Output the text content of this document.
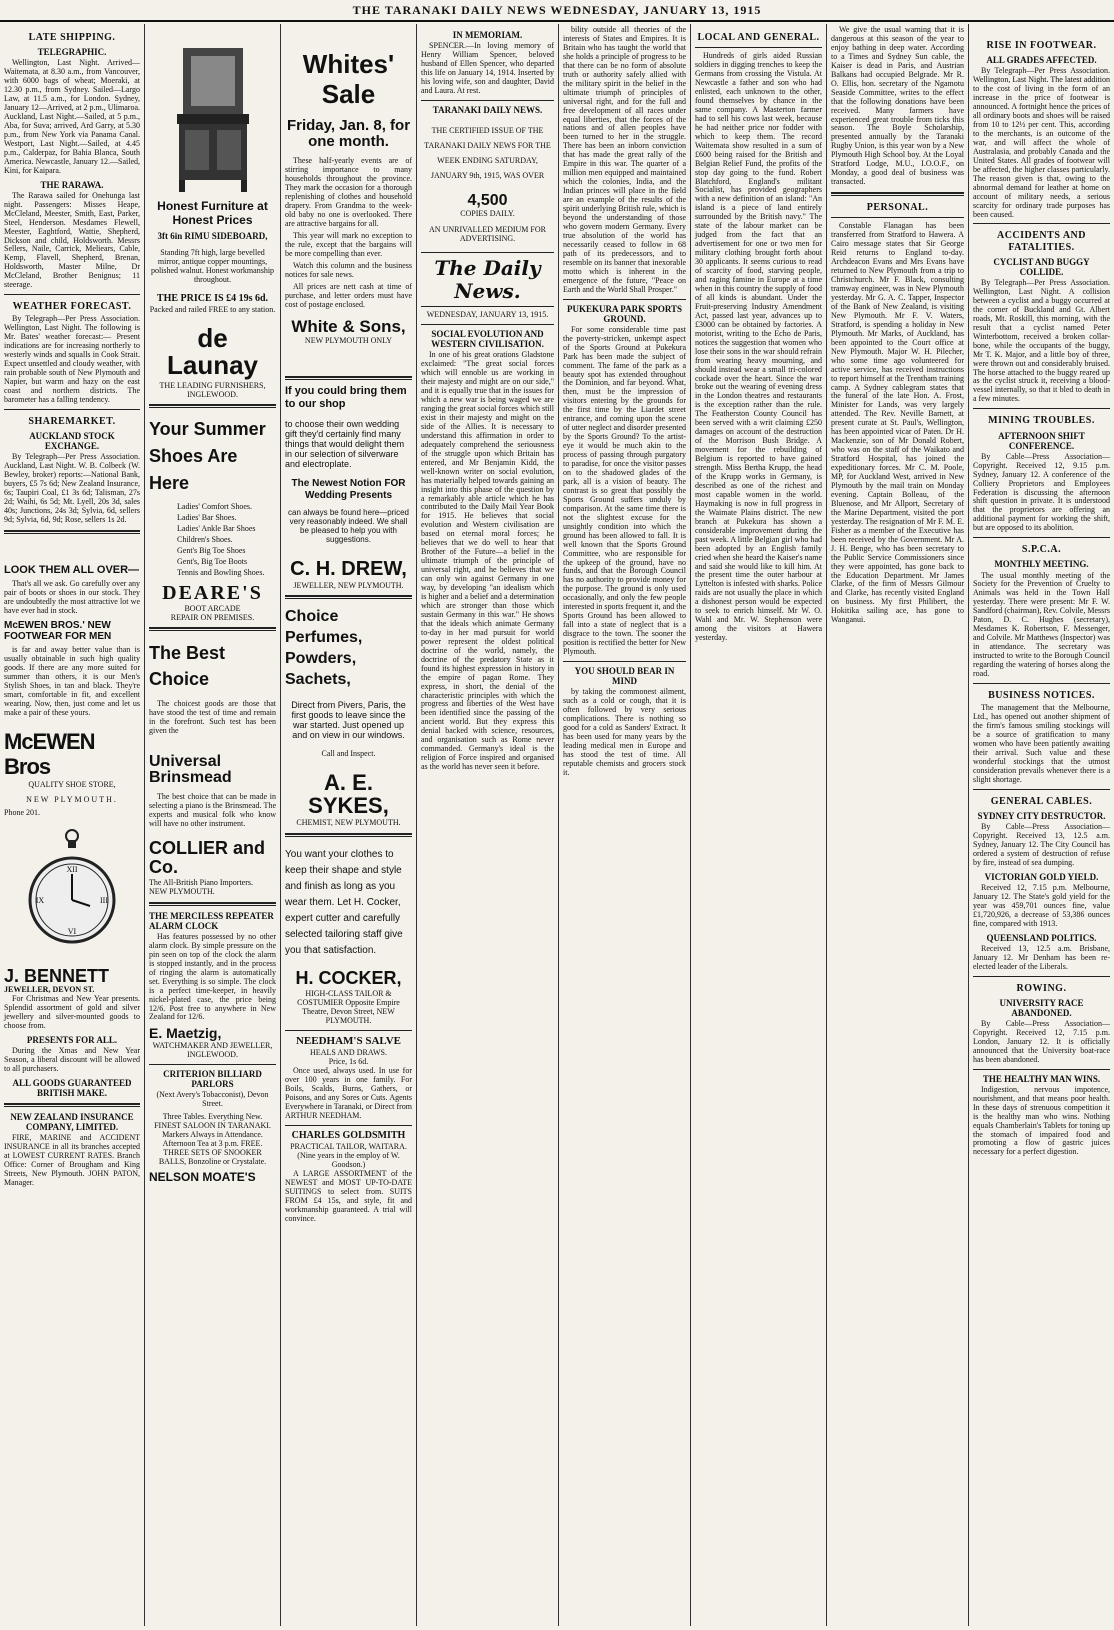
THE TARANAKI DAILY NEWS WEDNESDAY, JANUARY 13, 1915
LATE SHIPPING.
TELEGRAPHIC.

Wellington, Last Night. Arrived—Waitemata, at 8.30 a.m., from Vancouver, with 6000 bags of wheat; Moeraki, at 12.30 p.m., from Sydney. Sailed—Largo Law, at 11.5 a.m., for London. Sydney, January 12—Arrived, at 2 p.m., Ulimaroa. Auckland, Last Night.—Sailed, at 5 p.m., Aba, for Suva; arrived, Ard Garry, at 5.30 p.m., from New York via Panama Canal. Westport, Last Night.—Sailed, at 4.45 p.m., Calderpaz, for Bahia Blanca, South America. Newcastle, January 12.—Sailed, Kini, for Kaipara.

THE RARAWA.

The Rarawa sailed for Onehunga last night. Passengers: Misses Heape, McCleland, Meester, Smith, East, Parker, Steel, Henderson. Mesdames Flewell, Meester, Eaghtford, Wattie, Shepherd, Dickson and child, Holdsworth. Messrs Sellers, Naile, Carrick, Meliears, Cable, Kemp, Flavell, Shepherd, Brenan, Holdsworth, Master Milne, Dr McCleland, Brother Benignus; 11 steerage.

WEATHER FORECAST.

By Telegraph—Per Press Association. Wellington, Last Night. The following is Mr. Bates' weather forecast:— Present indications are for increasing northerly to westerly winds and squalls in Cook Strait. Expect unsettled and cloudy weather, with rain probable south of New Plymouth and Napier, but warm and hazy on the east coast and northern districts. The barometer has a falling tendency.

SHAREMARKET.
AUCKLAND STOCK EXCHANGE.

By Telegraph—Per Press Association. Auckland, Last Night. W. B. Colbeck (W. Bewley, broker) reports:—National Bank, buyers, £5 7s 6d; New Zealand Insurance, 6s; Taupiri Coal, £1 3s 6d; Talisman, 27s 2d; Waihi, 6s 5d; Mt. Lyell, 20s 3d, sales 40s; Junctions, 24s 3d; Sylvia, 6d, sellers 9d; Sylvia, 6d, 9d; Rose, sellers 1s 2d.

LOOK THEM ALL OVER—

That's all we ask. Go carefully over any pair of boots or shoes in our stock. They are undoubtedly the most attractive lot we have ever had in stock.

McEWEN BROS.' NEW FOOTWEAR FOR MEN

is far and away better value than is usually obtainable in such high quality goods. If there are any more suited for summer than others, it is our Men's Stylish Shoes, in tan and black. They're smart, comfortable in fit, and excellent wearing. Now, then, just come and let us make a pair of these yours.

McEWEN Bros
QUALITY SHOE STORE,
NEW PLYMOUTH.
Phone 201.
XII
III
VI
IX
J. BENNETT
JEWELLER, DEVON ST.

For Christmas and New Year presents. Splendid assortment of gold and silver jewellery and silver-mounted goods to choose from.

PRESENTS FOR ALL.

During the Xmas and New Year Season, a liberal discount will be allowed to all purchasers.

ALL GOODS GUARANTEED BRITISH MAKE.
NEW ZEALAND INSURANCE COMPANY, LIMITED.

FIRE, MARINE and ACCIDENT INSURANCE in all its branches accepted at LOWEST CURRENT RATES. Branch Office: Corner of Brougham and King Streets, New Plymouth. JOHN PATON, Manager.

Honest Furniture at Honest Prices
3ft 6in RIMU SIDEBOARD,

Standing 7ft high, large bevelled mirror, antique copper mountings, polished walnut. Honest workmanship throughout.

THE PRICE IS £4 19s 6d.
Packed and railed FREE to any station.
de Launay
THE LEADING FURNISHERS,
INGLEWOOD.
Your Summer Shoes Are Here
Ladies' Comfort Shoes.
Ladies' Bar Shoes.
Ladies' Ankle Bar Shoes
Children's Shoes.
Gent's Big Toe Shoes
Gent's, Big Toe Boots
Tennis and Bowling Shoes.
DEARE'S
BOOT ARCADE
REPAIR ON PREMISES.
The Best Choice

The choicest goods are those that have stood the test of time and remain in the forefront. Such test has been given the

Universal Brinsmead

The best choice that can be made in selecting a piano is the Brinsmead. The experts and musical folk who know will have no other instrument.

COLLIER and Co.
The All-British Piano Importers.
NEW PLYMOUTH.
THE MERCILESS REPEATER ALARM CLOCK

Has features possessed by no other alarm clock. By simple pressure on the pin seen on top of the clock the alarm is stopped instantly, and in the process of ringing the alarm is automatically set. Everything is so simple. The clock is a perfect time-keeper, in heavily nickel-plated case, the price being 12/6. Post free to anywhere in New Zealand for 12/6.

E. Maetzig,
WATCHMAKER AND JEWELLER, INGLEWOOD.
CRITERION BILLIARD PARLORS
(Next Avery's Tobacconist), Devon Street.
Three Tables. Everything New.
FINEST SALOON IN TARANAKI.
Markers Always in Attendance.
Afternoon Tea at 3 p.m. FREE.
THREE SETS OF SNOOKER BALLS, Bonzoline or Crystalate.
NELSON MOATE'S
Whites' Sale
Friday, Jan. 8, for one month.

These half-yearly events are of stirring importance to many households throughout the province. They mark the occasion for a thorough replenishing of clothes and household drapery. From Grandma to the week-old baby no one is overlooked. There are attractive bargains for all.

This year will mark no exception to the rule, except that the bargains will be more compelling than ever.

Watch this column and the business notices for sale news.

All prices are nett cash at time of purchase, and letter orders must have cost of postage enclosed.

White & Sons,
NEW PLYMOUTH ONLY
If you could bring them to our shop

to choose their own wedding gift they'd certainly find many things that would delight them in our selection of silverware and electroplate.

The Newest Notion FOR Wedding Presents

can always be found here—priced very reasonably indeed. We shall be pleased to help you with suggestions.

C. H. DREW,
JEWELLER, NEW PLYMOUTH.
Choice Perfumes, Powders, Sachets,

Direct from Pivers, Paris, the first goods to leave since the war started. Just opened up and on view in our windows.

Call and Inspect.
A. E. SYKES,
CHEMIST, NEW PLYMOUTH.

You want your clothes to keep their shape and style and finish as long as you wear them. Let H. Cocker, expert cutter and carefully selected tailoring staff give you that satisfaction.

H. COCKER,
HIGH-CLASS TAILOR & COSTUMIER Opposite Empire Theatre, Devon Street, NEW PLYMOUTH.
NEEDHAM'S SALVE
HEALS AND DRAWS.
Price, 1s 6d.

Once used, always used. In use for over 100 years in one family. For Boils, Scalds, Burns, Gathers, or Poisons, and any Sores or Cuts. Agents Everywhere in Taranaki, or Direct from ARTHUR NEEDHAM.

CHARLES GOLDSMITH
PRACTICAL TAILOR, WAITARA.
(Nine years in the employ of W. Goodson.)

A LARGE ASSORTMENT of the NEWEST and MOST UP-TO-DATE SUITINGS to select from. SUITS FROM £4 15s, and style, fit and workmanship guaranteed. A trial will convince.

IN MEMORIAM.

SPENCER.—In loving memory of Henry William Spencer, beloved husband of Ellen Spencer, who departed this life on January 14, 1914. Inserted by his loving wife, son and daughter, David and Laura. At rest.

TARANAKI DAILY NEWS.

THE CERTIFIED ISSUE OF THE TARANAKI DAILY NEWS FOR THE WEEK ENDING SATURDAY, JANUARY 9th, 1915, WAS OVER

4,500
COPIES DAILY.
AN UNRIVALLED MEDIUM FOR ADVERTISING.
The Daily News.
WEDNESDAY, JANUARY 13, 1915.
SOCIAL EVOLUTION AND WESTERN CIVILISATION.

In one of his great orations Gladstone exclaimed: "The great social forces which will ennoble us are working in their majesty and might are on our side," and it is equally true that in the issues for which a new war is being waged we are ranging the great social forces which still exist in their majesty and might on the side of the Allies. It is necessary to understand this affirmation in order to adequately comprehend the seriousness of the struggle upon which Britain has entered, and Mr Benjamin Kidd, the well-known writer on social evolution, has materially helped towards gaining an insight into this phase of the question by a remarkably able article which he has contributed to the Daily Mail Year Book for 1915. He believes that social evolution and Western civilisation are based on eternal moral forces; he believes that we do well to hear that Brother of the Future—a belief in the ultimate triumph of the principle of universal right, and he believes that we can only win against Germany in one way, by developing "an idealism which is higher and a belief and a determination which are stronger than those which sustain Germany in this war." He shows that the ideals which animate Germany to-day in her mad pursuit for world power represent the oldest political doctrine of the world, namely, the doctrine of the predatory State as it found its highest expression in history in the empire of pagan Rome. They express, in short, the denial of the characteristic principles with which the progress and liberties of the West have been identified since the passing of the ancient world. But they express this denial backed with science, resources, and organisation such as Rome never commanded. Germany's ideal is the religion of Force inspired and organised as the world has never seen it before.

bility outside all theories of the interests of States and Empires. It is Britain who has taught the world that she holds a principle of progress to be that there can be no form of absolute truth or authority safely allied with the military spirit in the belief in the ultimate triumph of principles of universal right, and for the full and free development of all races under equal liberties, that the forces of the nations and of allen peoples have been turned to her in the struggle. There has been an inborn conviction that has made the great rally of the Empire in this war. The quarter of a million men equipped and maintained which the colonies, India, and the Indian princes will place in the field are an example of the results of the spirit underlying British rule, which is beyond the understanding of those who govern modern Germany. Every true absolution of the world has necessarily ceased to follow in 68 path of its predecessors, and to resemble on its banner that inexorable motto which is inherent in the emergence of the future, "Peace on Earth and the World Shall Prosper."

PUKEKURA PARK SPORTS GROUND.

For some considerable time past the poverty-stricken, unkempt aspect of the Sports Ground at Pukekura Park has been made the subject of comment. The fame of the park as a beauty spot has extended throughout the Dominion, and far beyond. What, then, must be the impression of visitors entering by the grounds for the first time by the Liardet street entrance, and coming upon the scene of utter neglect and disorder presented by the Sports Ground? To the artist-eye it would be much akin to the process of passing through purgatory to paradise, for once the visitor passes on to the shadowed glades of the park, all is a vision of beauty. The contrast is so great that possibly the Sports Ground suffers unduly by comparison. At the same time there is not the slightest excuse for the unsightly condition into which the ground has been allowed to fall. It is well known that the Sports Ground Committee, who are responsible for the upkeep of the ground, have no funds, and that the Borough Council has no authority to provide money for the purpose. The ground is only used occasionally, and only the few people interested in sports frequent it, and the Sports Ground has been allowed to fall into a state of neglect that is a disgrace to the town. The sooner the position is rectified the better for New Plymouth.

YOU SHOULD BEAR IN MIND

by taking the commonest ailment, such as a cold or cough, that it is often followed by very serious complications. There is nothing so good for a cold as Sanders' Extract. It has been used for many years by the leading medical men in Europe and has stood the test of time. All reputable chemists and grocers stock it.

LOCAL AND GENERAL.

Hundreds of girls aided Russian soldiers in digging trenches to keep the Germans from crossing the Vistula. At Newcastle a father and son who had enlisted, each unknown to the other, found themselves by chance in the same company. A Masterton farmer had to sell his cows last week, because he had neither price nor fodder with which to keep them. The record Waitemata show resulted in a sum of £600 being raised for the British and Belgian Relief Fund, the profits of the stop day going to the fund. Robert Blatchford, England's militant Socialist, has provided geographers with a new definition of an island: "An island is a piece of land entirely surrounded by the British navy." The state of the labour market can be judged from the fact that an advertisement for one or two men for military clothing brought forth about 30 applicants. It seems curious to read of scarcity of food, starving people, and raging famine in Europe at a time when in this country the supply of food of all kinds is abundant. Under the Fruit-preserving Industry Amendment Act, passed last year, advances up to £3000 can be obtained by factories. A motorist, writing to the Echo de Paris, notices the suggestion that women who lose their sons in the war should refrain from wearing heavy mourning, and should instead wear a small tri-colored cockade over the heart. Since the war broke out the wearing of evening dress in the London theatres and restaurants is the exception rather than the rule. The Featherston County Council has been served with a writ claiming £250 damages on account of the destruction of the Morrison Bush Bridge. A movement for the rebuilding of Belgium is reported to have gained strength. Miss Bertha Krupp, the head of the Krupp works in Germany, is described as one of the richest and most capable women in the world. Haymaking is now in full progress in the Waimate Plains district. The new branch at Pukekura has shown a considerable improvement during the past week. A little Belgian girl who had been adopted by an English family cried when she heard the Kaiser's name and said she would like to kill him. At the present time the outer harbour at Lyttelton is infested with sharks. Police raids are not usually the place in which a dishonest person would be expected to seek to enrich himself. Mr W. O. Wahl and Mr. W. Stephenson were among the visitors at Hawera yesterday.

We give the usual warning that it is dangerous at this season of the year to enjoy bathing in deep water. According to a Times and Sydney Sun cable, the Kaiser is dead in Paris, and Austrian Balkans had occupied Belgrade. Mr R. O. Ellis, hon. secretary of the Ngamotu Seaside Committee, writes to the effect that the following donations have been received. Many farmers have experienced great trouble from ticks this season. The Boyle Scholarship, presented annually by the Taranaki Rugby Union, is this year won by a New Plymouth High School boy. At the Loyal Stratford Lodge, M.U., I.O.O.F., on Monday, a good deal of business was transacted.

PERSONAL.

Constable Flanagan has been transferred from Stratford to Hawera. A Cairo message states that Sir George Reid returns to England to-day. Archdeacon Evans and Mrs Evans have returned to New Plymouth from a trip to Christchurch. Mr F. Black, consulting tramway engineer, was in New Plymouth yesterday. Mr G. A. C. Tapper, Inspector of the Bank of New Zealand, is visiting New Plymouth. Mr F. V. Waters, Stratford, is spending a holiday in New Plymouth. Mr Marks, of Auckland, has been appointed to the Court office at New Plymouth. Major W. H. Pilecher, who some time ago volunteered for active service, has received instructions to report himself at the Trentham training camp. A Sydney cablegram states that the funeral of the late Hon. A. Frost, Minister for Lands, was very largely attended. The Rev. Neville Barnett, at present curate at St. Paul's, Wellington, has been appointed vicar of Paten. Dr H. Mackenzie, son of Mr Donald Robert, who was on the staff of the Waikato and Stratford Hospital, has joined the expeditionary forces. Mr C. M. Poole, MP, for Auckland West, arrived in New Plymouth by the mail train on Monday evening. Captain Bolleau, of the Bluenose, and Mr Allport, Secretary of the Marine Department, visited the port yesterday. The resignation of Mr F. M. E. Fisher as a member of the Executive has been received by the Government. Mr A. J. H. Benge, who has been secretary to the Public Service Commissioners since they were appointed, has gone back to the Education Department. Mr James Clarke, of the firm of Messrs Gilmour and Clarke, has recently visited England on business. My first Philibert, the Hokitika sailing ace, has gone to Wanganui.

RISE IN FOOTWEAR.
ALL GRADES AFFECTED.

By Telegraph—Per Press Association. Wellington, Last Night. The latest addition to the cost of living in the form of an increase in the price of footwear is announced. A fortnight hence the prices of all ordinary boots and shoes will be raised from 10 to 12½ per cent. This, according to the merchants, is an outcome of the war, and will affect the whole of Australasia, and probably Canada and the United States. All grades of footwear will be affected, the higher classes particularly. The reason given is that, owing to the abnormal demand for leather at home on account of military needs, a serious scarcity for ordinary trade purposes has been caused.

ACCIDENTS AND FATALITIES.
CYCLIST AND BUGGY COLLIDE.

By Telegraph—Per Press Association. Wellington, Last Night. A collision between a cyclist and a buggy occurred at the corner of Buckland and Gt. Albert roads, Mt. Roskill, this morning, with the result that a cyclist named Peter Winterbottom, received a broken collar-bone, while the occupants of the buggy, Mr T. K. Major, and a little boy of three, were thrown out and considerably bruised. The horse attached to the buggy reared up as the cyclist struck it, receiving a blood-vessel internally, so that it bled to death in a few minutes.

MINING TROUBLES.
AFTERNOON SHIFT CONFERENCE.

By Cable—Press Association—Copyright. Received 12, 9.15 p.m. Sydney, January 12. A conference of the Colliery Proprietors and Employees Federation is discussing the afternoon shift question in private. It is understood that the proprietors are offering an additional payment for working the shift, but are opposed to its abolition.

S.P.C.A.
MONTHLY MEETING.

The usual monthly meeting of the Society for the Prevention of Cruelty to Animals was held in the Town Hall yesterday. There were present: Mr F. W. Sandford (chairman), Rev. Colvile, Messrs Paton, D. C. Hughes (secretary), Mesdames K. Robertson, F. Messenger, and Colvile. Mr Matthews (Inspector) was in attendance. The secretary was instructed to write to the Borough Council regarding the watering of horses along the road.

BUSINESS NOTICES.

The management that the Melbourne, Ltd., has opened out another shipment of the firm's famous smiling stockings will be a source of gratification to many women who have been patiently awaiting their arrival. Such value and these wonderful stockings that the utmost consideration prevails whenever there is a slight shortage.

GENERAL CABLES.
SYDNEY CITY DESTRUCTOR.

By Cable—Press Association—Copyright. Received 13, 12.5 a.m. Sydney, January 12. The City Council has ordered a system of destruction of refuse by fire, instead of sea dumping.

VICTORIAN GOLD YIELD.

Received 12, 7.15 p.m. Melbourne, January 12. The State's gold yield for the year was 459,701 ounces fine, value £1,720,926, a decrease of 53,386 ounces fine, compared with 1913.

QUEENSLAND POLITICS.

Received 13, 12.5 a.m. Brisbane, January 12. Mr Denham has been re-elected leader of the Liberals.

ROWING.
UNIVERSITY RACE ABANDONED.

By Cable—Press Association—Copyright. Received 12, 7.15 p.m. London, January 12. It is officially announced that the University boat-race has been abandoned.

THE HEALTHY MAN WINS.

Indigestion, nervous impotence, nourishment, and that means poor health. In these days of strenuous competition it is the healthy man who wins. Nothing equals Chamberlain's Tablets for toning up the stomach of impaired food and promoting a flow of gastric juices necessary for a perfect digestion.
